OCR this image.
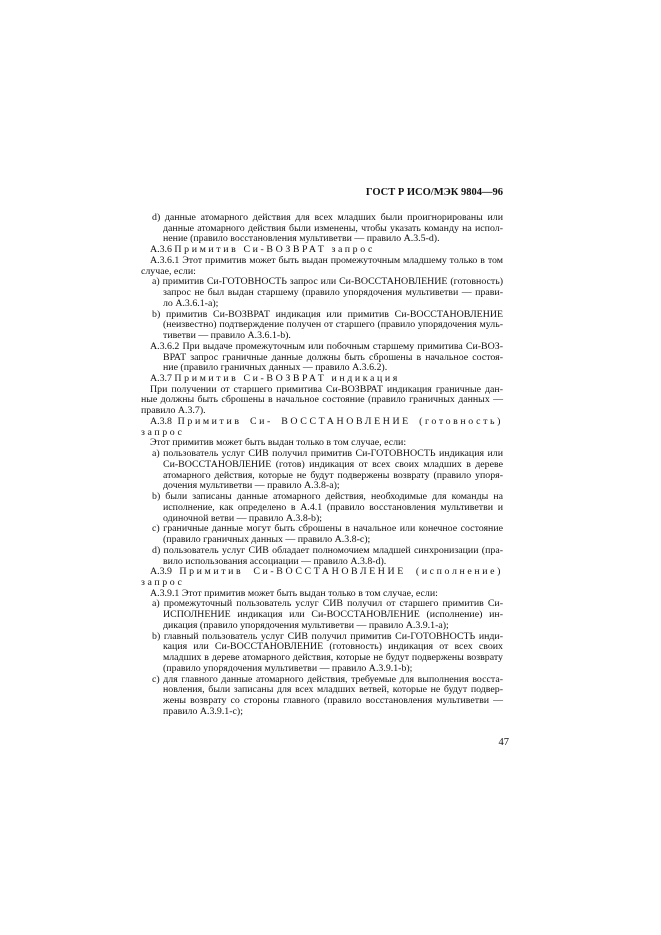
ГОСТ Р ИСО/МЭК 9804—96
d) данные атомарного действия для всех младших были проигнорированы или
данные атомарного действия были изменены, чтобы указать команду на испол-
нение (правило восстановления мультиветви — правило А.3.5-d).
А.3.6 Примитив Си-ВОЗВРАТ запрос
А.3.6.1 Этот примитив может быть выдан промежуточным младшему только в том
случае, если:
а) примитив Си-ГОТОВНОСТЬ запрос или Си-ВОССТАНОВЛЕНИЕ (готовность)
запрос не был выдан старшему (правило упорядочения мультиветви — прави-
ло А.3.6.1-а);
b) примитив Си-ВОЗВРАТ индикация или примитив Си-ВОССТАНОВЛЕНИЕ
(неизвестно) подтверждение получен от старшего (правило упорядочения муль-
тиветви — правило А.3.6.1-b).
А.3.6.2 При выдаче промежуточным или побочным старшему примитива Си-ВОЗ-
ВРАТ запрос граничные данные должны быть сброшены в начальное состоя-
ние (правило граничных данных — правило А.3.6.2).
А.3.7 Примитив Си-ВОЗВРАТ индикация
При получении от старшего примитива Си-ВОЗВРАТ индикация граничные дан-
ные должны быть сброшены в начальное состояние (правило граничных данных —
правило А.3.7).
А.3.8 Примитив Си- ВОССТАНОВЛЕНИЕ (готовность)
запрос
Этот примитив может быть выдан только в том случае, если:
а) пользователь услуг СИВ получил примитив Си-ГОТОВНОСТЬ индикация или
Си-ВОССТАНОВЛЕНИЕ (готов) индикация от всех своих младших в дереве
атомарного действия, которые не будут подвержены возврату (правило упоря-
дочения мультиветви — правило А.3.8-а);
b) были записаны данные атомарного действия, необходимые для команды на
исполнение, как определено в А.4.1 (правило восстановления мультиветви и
одиночной ветви — правило А.3.8-b);
с) граничные данные могут быть сброшены в начальное или конечное состояние
(правило граничных данных — правило А.3.8-с);
d) пользователь услуг СИВ обладает полномочием младшей синхронизации (пра-
вило использования ассоциации — правило А.3.8-d).
А.3.9 Примитив Си-ВОССТАНОВЛЕНИЕ (исполнение)
запрос
А.3.9.1 Этот примитив может быть выдан только в том случае, если:
а) промежуточный пользователь услуг СИВ получил от старшего примитив Си-
ИСПОЛНЕНИЕ индикация или Си-ВОССТАНОВЛЕНИЕ (исполнение) ин-
дикация (правило упорядочения мультиветви — правило А.3.9.1-а);
b) главный пользователь услуг СИВ получил примитив Си-ГОТОВНОСТЬ инди-
кация или Си-ВОССТАНОВЛЕНИЕ (готовность) индикация от всех своих
младших в дереве атомарного действия, которые не будут подвержены возврату
(правило упорядочения мультиветви — правило А.3.9.1-b);
с) для главного данные атомарного действия, требуемые для выполнения восста-
новления, были записаны для всех младших ветвей, которые не будут подвер-
жены возврату со стороны главного (правило восстановления мультиветви —
правило А.3.9.1-с);
47
